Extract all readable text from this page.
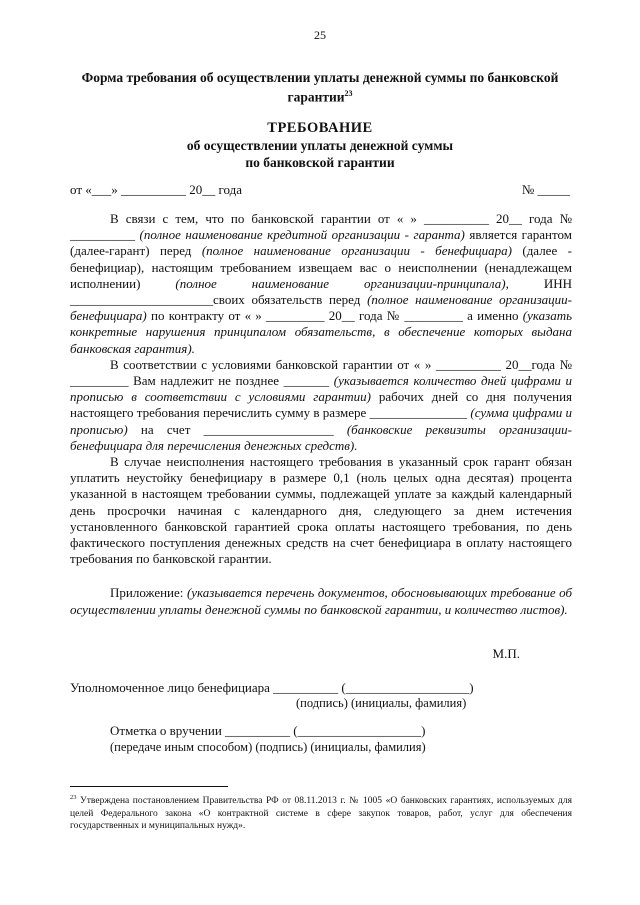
25
Форма требования об осуществлении уплаты денежной суммы по банковской гарантии$^{23}$
ТРЕБОВАНИЕ
об осуществлении уплаты денежной суммы
по банковской гарантии
от «___» __________ 20__ года	№ _____

В связи с тем, что по банковской гарантии от « » __________ 20__ года № __________ (полное наименование кредитной организации - гаранта) является гарантом (далее-гарант) перед (полное наименование организации - бенефициара) (далее - бенефициар), настоящим требованием извещаем вас о неисполнении (ненадлежащем исполнении) (полное наименование организации-принципала), ИНН ______________________своих обязательств перед (полное наименование организации-бенефициара) по контракту от « » _________ 20__ года № _________ а именно (указать конкретные нарушения принципалом обязательств, в обеспечение которых выдана банковская гарантия).

В соответствии с условиями банковской гарантии от « » __________ 20__года № _________ Вам надлежит не позднее _______ (указывается количество дней цифрами и прописью в соответствии с условиями гарантии) рабочих дней со дня получения настоящего требования перечислить сумму в размере _______________ (сумма цифрами и прописью) на счет ____________________ (банковские реквизиты организации-бенефициара для перечисления денежных средств).

В случае неисполнения настоящего требования в указанный срок гарант обязан уплатить неустойку бенефициару в размере 0,1 (ноль целых одна десятая) процента указанной в настоящем требовании суммы, подлежащей уплате за каждый календарный день просрочки начиная с календарного дня, следующего за днем истечения установленного банковской гарантией срока оплаты настоящего требования, по день фактического поступления денежных средств на счет бенефициара в оплату настоящего требования по банковской гарантии.

Приложение: (указывается перечень документов, обосновывающих требование об осуществлении уплаты денежной суммы по банковской гарантии, и количество листов).

М.П.
Уполномоченное лицо бенефициара __________ (___________________)
(подпись) (инициалы, фамилия)
Отметка о вручении __________ (___________________)
(передаче иным способом) (подпись) (инициалы, фамилия)
$^{23}$ Утверждена постановлением Правительства РФ от 08.11.2013 г. № 1005 «О банковских гарантиях, используемых для целей Федерального закона «О контрактной системе в сфере закупок товаров, работ, услуг для обеспечения государственных и муниципальных нужд».
